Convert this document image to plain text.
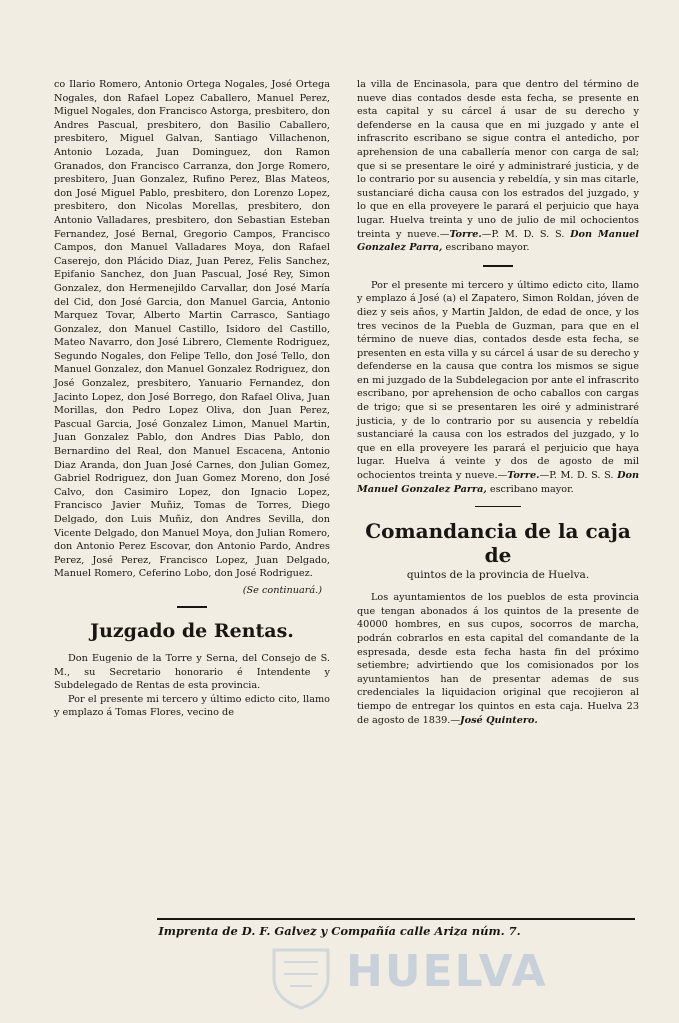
co Ilario Romero, Antonio Ortega Nogales, José Ortega Nogales, don Rafael Lopez Caballero, Manuel Perez, Miguel Nogales, don Francisco Astorga, presbitero, don Andres Pascual, presbitero, don Basilio Caballero, presbitero, Miguel Galvan, Santiago Villachenon, Antonio Lozada, Juan Dominguez, don Ramon Granados, don Francisco Carranza, don Jorge Romero, presbitero, Juan Gonzalez, Rufino Perez, Blas Mateos, don José Miguel Pablo, presbitero, don Lorenzo Lopez, presbitero, don Nicolas Morellas, presbitero, don Antonio Valladares, presbitero, don Sebastian Esteban Fernandez, José Bernal, Gregorio Campos, Francisco Campos, don Manuel Valladares Moya, don Rafael Caserejo, don Plácido Diaz, Juan Perez, Felis Sanchez, Epifanio Sanchez, don Juan Pascual, José Rey, Simon Gonzalez, don Hermenejildo Carvallar, don José María del Cid, don José Garcia, don Manuel Garcia, Antonio Marquez Tovar, Alberto Martin Carrasco, Santiago Gonzalez, don Manuel Castillo, Isidoro del Castillo, Mateo Navarro, don José Librero, Clemente Rodriguez, Segundo Nogales, don Felipe Tello, don José Tello, don Manuel Gonzalez, don Manuel Gonzalez Rodriguez, don José Gonzalez, presbitero, Yanuario Fernandez, don Jacinto Lopez, don José Borrego, don Rafael Oliva, Juan Morillas, don Pedro Lopez Oliva, don Juan Perez, Pascual Garcia, José Gonzalez Limon, Manuel Martin, Juan Gonzalez Pablo, don Andres Dias Pablo, don Bernardino del Real, don Manuel Escacena, Antonio Diaz Aranda, don Juan José Carnes, don Julian Gomez, Gabriel Rodriguez, don Juan Gomez Moreno, don José Calvo, don Casimiro Lopez, don Ignacio Lopez, Francisco Javier Muñiz, Tomas de Torres, Diego Delgado, don Luis Muñiz, don Andres Sevilla, don Vicente Delgado, don Manuel Moya, don Julian Romero, don Antonio Perez Escovar, don Antonio Pardo, Andres Perez, José Perez, Francisco Lopez, Juan Delgado, Manuel Romero, Ceferino Lobo, don José Rodriguez.

(Se continuará.)
Juzgado de Rentas.

Don Eugenio de la Torre y Serna, del Consejo de S. M., su Secretario honorario é Intendente y Subdelegado de Rentas de esta provincia.

Por el presente mi tercero y último edicto cito, llamo y emplazo á Tomas Flores, vecino de

la villa de Encinasola, para que dentro del término de nueve dias contados desde esta fecha, se presente en esta capital y su cárcel á usar de su derecho y defenderse en la causa que en mi juzgado y ante el infrascrito escribano se sigue contra el antedicho, por aprehension de una caballería menor con carga de sal; que si se presentare le oiré y administraré justicia, y de lo contrario por su ausencia y rebeldía, y sin mas citarle, sustanciaré dicha causa con los estrados del juzgado, y lo que en ella proveyere le parará el perjuicio que haya lugar. Huelva treinta y uno de julio de mil ochocientos treinta y nueve.—Torre.—P. M. D. S. S. Don Manuel Gonzalez Parra, escribano mayor.

Por el presente mi tercero y último edicto cito, llamo y emplazo á José (a) el Zapatero, Simon Roldan, jóven de diez y seis años, y Martin Jaldon, de edad de once, y los tres vecinos de la Puebla de Guzman, para que en el término de nueve dias, contados desde esta fecha, se presenten en esta villa y su cárcel á usar de su derecho y defenderse en la causa que contra los mismos se sigue en mi juzgado de la Subdelegacion por ante el infrascrito escribano, por aprehension de ocho caballos con cargas de trigo; que si se presentaren les oiré y administraré justicia, y de lo contrario por su ausencia y rebeldía sustanciaré la causa con los estrados del juzgado, y lo que en ella proveyere les parará el perjuicio que haya lugar. Huelva á veinte y dos de agosto de mil ochocientos treinta y nueve.—Torre.—P. M. D. S. S. Don Manuel Gonzalez Parra, escribano mayor.

Comandancia de la caja de
quintos de la provincia de Huelva.

Los ayuntamientos de los pueblos de esta provincia que tengan abonados á los quintos de la presente de 40000 hombres, en sus cupos, socorros de marcha, podrán cobrarlos en esta capital del comandante de la espresada, desde esta fecha hasta fin del próximo setiembre; advirtiendo que los comisionados por los ayuntamientos han de presentar ademas de sus credenciales la liquidacion original que recojieron al tiempo de entregar los quintos en esta caja. Huelva 23 de agosto de 1839.—José Quintero.

Imprenta de D. F. Galvez y Compañía calle Ariza núm. 7.
HUELVA
